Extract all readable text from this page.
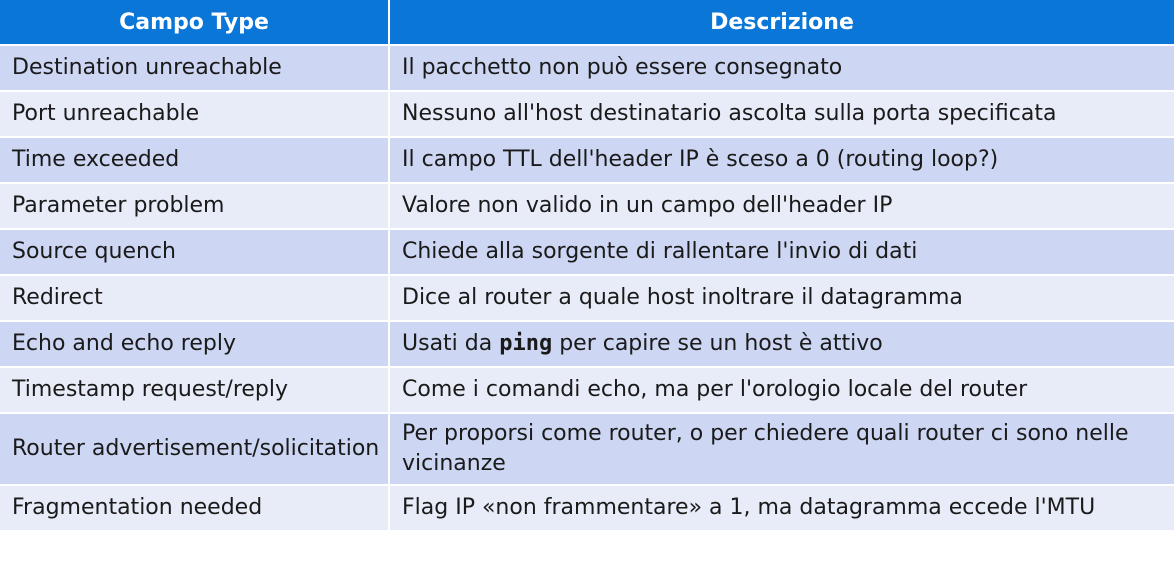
Campo Type	Descrizione
Destination unreachable	Il pacchetto non può essere consegnato
Port unreachable	Nessuno all'host destinatario ascolta sulla porta specificata
Time exceeded	Il campo TTL dell'header IP è sceso a 0 (routing loop?)
Parameter problem	Valore non valido in un campo dell'header IP
Source quench	Chiede alla sorgente di rallentare l'invio di dati
Redirect	Dice al router a quale host inoltrare il datagramma
Echo and echo reply	Usati da ping per capire se un host è attivo
Timestamp request/reply	Come i comandi echo, ma per l'orologio locale del router
Router advertisement/solicitation	Per proporsi come router, o per chiedere quali router ci sono nelle vicinanze
Fragmentation needed	Flag IP «non frammentare» a 1, ma datagramma eccede l'MTU
